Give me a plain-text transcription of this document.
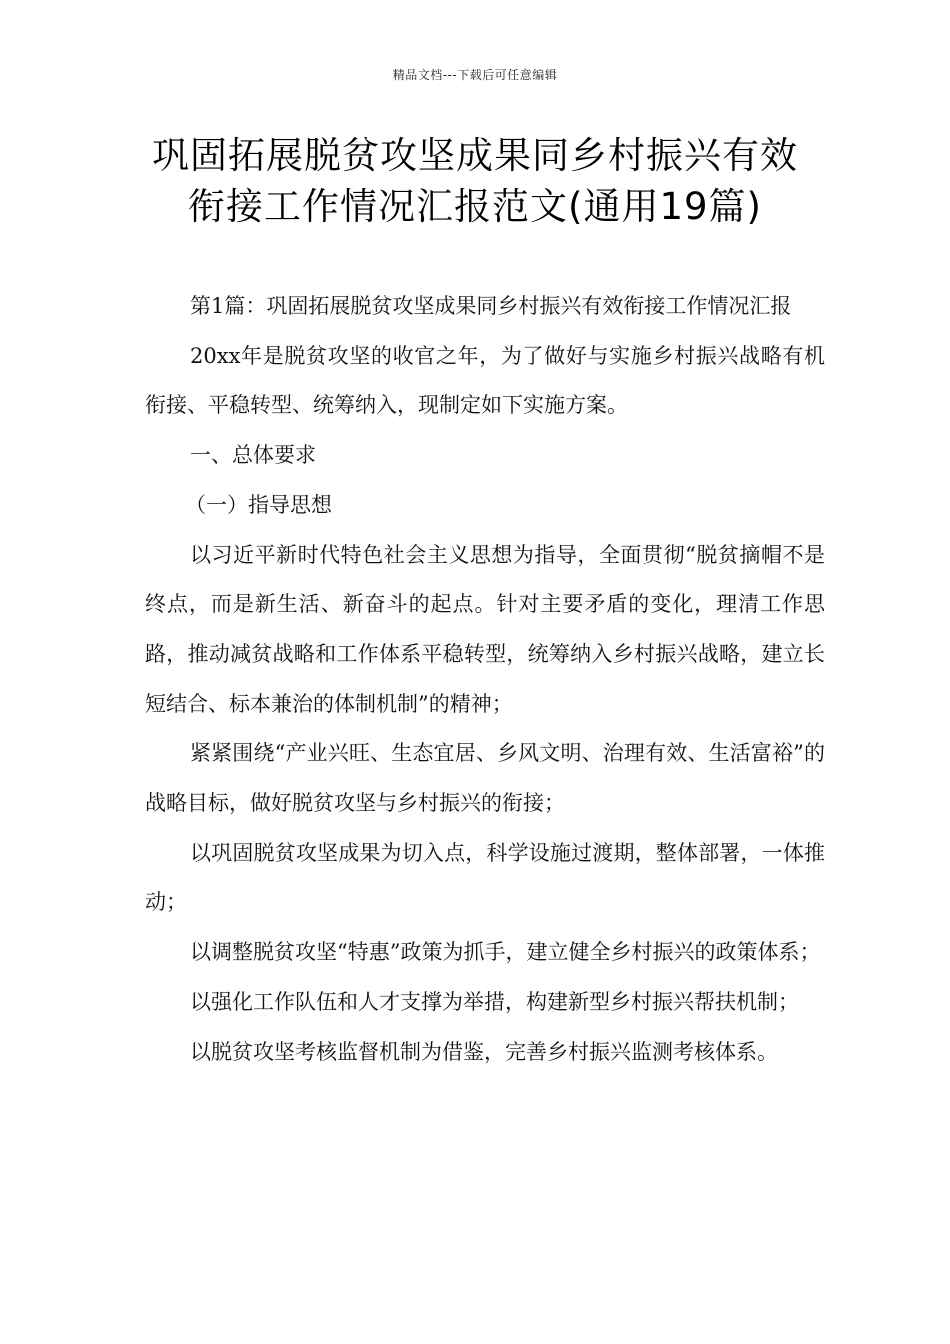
精品文档---下载后可任意编辑
巩固拓展脱贫攻坚成果同乡村振兴有效
衔接工作情况汇报范文(通用19篇)

第1篇：巩固拓展脱贫攻坚成果同乡村振兴有效衔接工作情况汇报

20xx年是脱贫攻坚的收官之年，为了做好与实施乡村振兴战略有机衔接、平稳转型、统筹纳入，现制定如下实施方案。

一、总体要求

（一）指导思想

以习近平新时代特色社会主义思想为指导，全面贯彻“脱贫摘帽不是终点，而是新生活、新奋斗的起点。针对主要矛盾的变化，理清工作思路，推动减贫战略和工作体系平稳转型，统筹纳入乡村振兴战略，建立长短结合、标本兼治的体制机制”的精神；

紧紧围绕“产业兴旺、生态宜居、乡风文明、治理有效、生活富裕”的战略目标，做好脱贫攻坚与乡村振兴的衔接；

以巩固脱贫攻坚成果为切入点，科学设施过渡期，整体部署，一体推动；

以调整脱贫攻坚“特惠”政策为抓手，建立健全乡村振兴的政策体系；

以强化工作队伍和人才支撑为举措，构建新型乡村振兴帮扶机制；

以脱贫攻坚考核监督机制为借鉴，完善乡村振兴监测考核体系。
